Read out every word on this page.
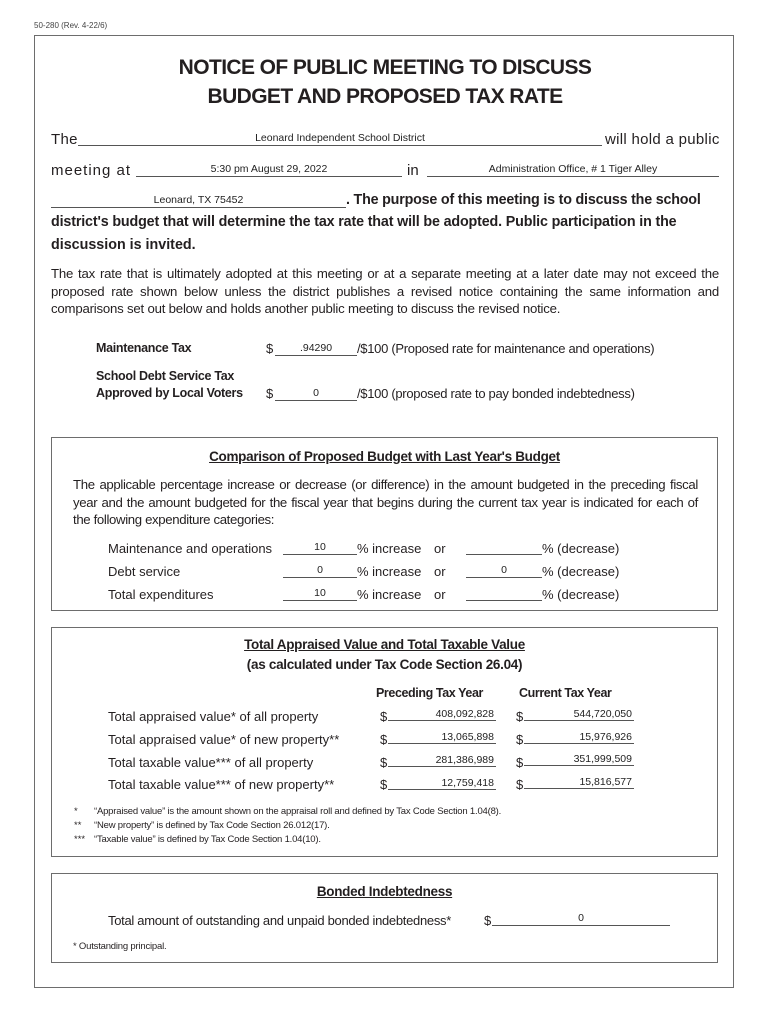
50-280 (Rev. 4-22/6)
NOTICE OF PUBLIC MEETING TO DISCUSS
BUDGET AND PROPOSED TAX RATE
The	Leonard Independent School District	will hold a public
meeting at	5:30 pm August 29, 2022	in	Administration Office, # 1 Tiger Alley
Leonard, TX 75452	. The purpose of this meeting is to discuss the school
district's budget that will determine the tax rate that will be adopted. Public participation in the
discussion is invited.
The tax rate that is ultimately adopted at this meeting or at a separate meeting at a later date may not exceed the proposed rate shown below unless the district publishes a revised notice containing the same information and comparisons set out below and holds another public meeting to discuss the revised notice.
Maintenance Tax	$	.94290	/$100 (Proposed rate for maintenance and operations)
School Debt Service Tax
Approved by Local Voters $	0	/$100 (proposed rate to pay bonded indebtedness)
Comparison of Proposed Budget with Last Year's Budget
The applicable percentage increase or decrease (or difference) in the amount budgeted in the preceding fiscal year and the amount budgeted for the fiscal year that begins during the current tax year is indicated for each of the following expenditure categories:
Maintenance and operations	10	% increase or	% (decrease)
Debt service	0	% increase or	0	% (decrease)
Total expenditures	10	% increase or	% (decrease)
Total Appraised Value and Total Taxable Value
(as calculated under Tax Code Section 26.04)
Preceding Tax Year	Current Tax Year
Total appraised value* of all property	$	408,092,828 $	544,720,050
Total appraised value* of new property**	$	13,065,898 $	15,976,926
Total taxable value*** of all property	$	281,386,989 $	351,999,509
Total taxable value*** of new property**	$	12,759,418 $	15,816,577
* “Appraised value” is the amount shown on the appraisal roll and defined by Tax Code Section 1.04(8).
** “New property” is defined by Tax Code Section 26.012(17).
*** “Taxable value” is defined by Tax Code Section 1.04(10).
Bonded Indebtedness
Total amount of outstanding and unpaid bonded indebtedness*	$	0
* Outstanding principal.
